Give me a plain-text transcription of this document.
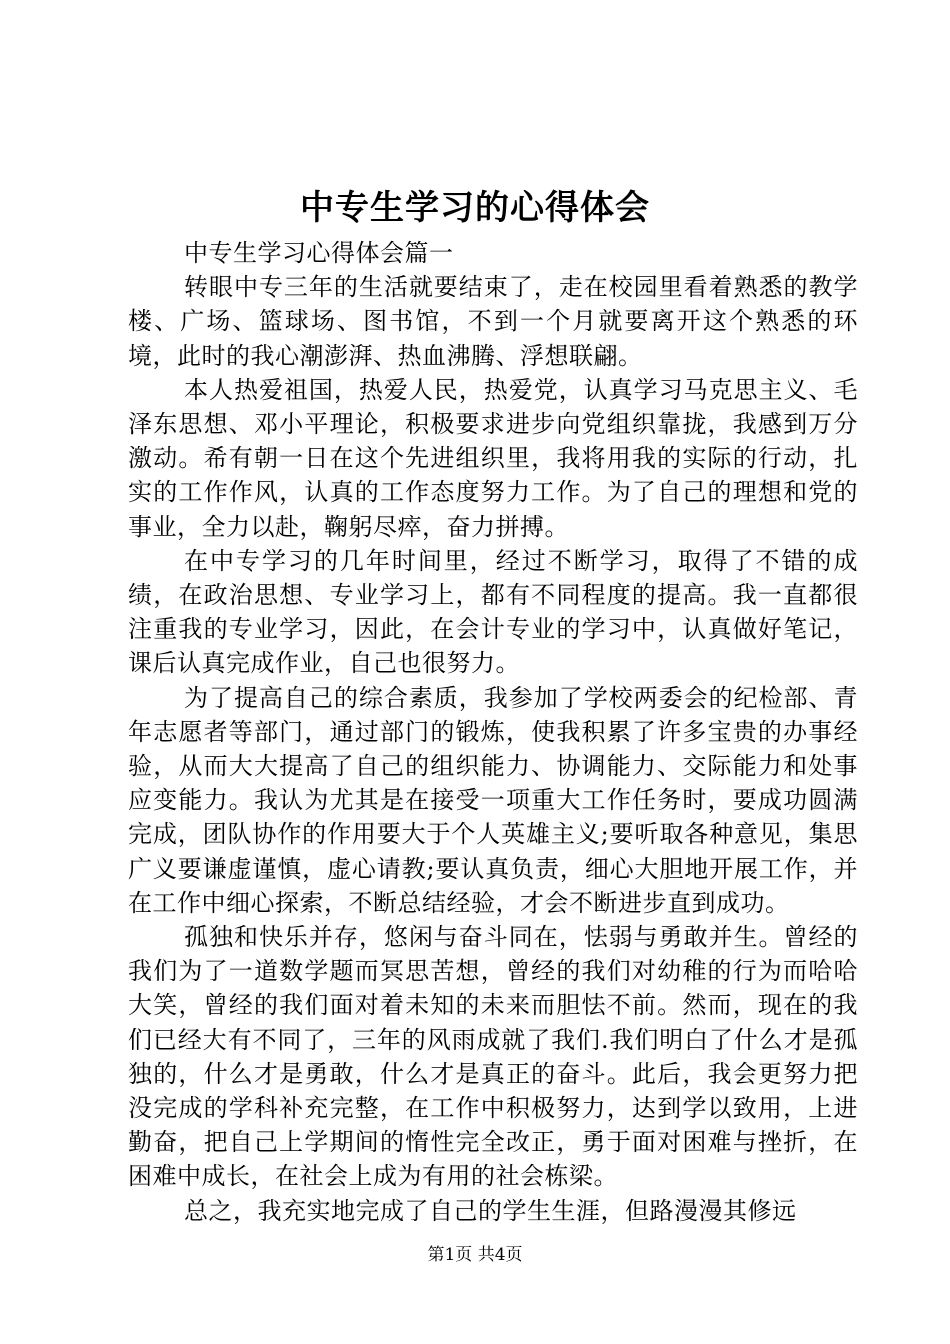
中专生学习的心得体会

中专生学习心得体会篇一

转眼中专三年的生活就要结束了，走在校园里看着熟悉的教学楼、广场、篮球场、图书馆，不到一个月就要离开这个熟悉的环境，此时的我心潮澎湃、热血沸腾、浮想联翩。

本人热爱祖国，热爱人民，热爱党，认真学习马克思主义、毛泽东思想、邓小平理论，积极要求进步向党组织靠拢，我感到万分激动。希有朝一日在这个先进组织里，我将用我的实际的行动，扎实的工作作风，认真的工作态度努力工作。为了自己的理想和党的事业，全力以赴，鞠躬尽瘁，奋力拼搏。

在中专学习的几年时间里，经过不断学习，取得了不错的成绩，在政治思想、专业学习上，都有不同程度的提高。我一直都很注重我的专业学习，因此，在会计专业的学习中，认真做好笔记，课后认真完成作业，自己也很努力。

为了提高自己的综合素质，我参加了学校两委会的纪检部、青年志愿者等部门，通过部门的锻炼，使我积累了许多宝贵的办事经验，从而大大提高了自己的组织能力、协调能力、交际能力和处事应变能力。我认为尤其是在接受一项重大工作任务时，要成功圆满完成，团队协作的作用要大于个人英雄主义;要听取各种意见，集思广义要谦虚谨慎，虚心请教;要认真负责，细心大胆地开展工作，并在工作中细心探索，不断总结经验，才会不断进步直到成功。

孤独和快乐并存，悠闲与奋斗同在，怯弱与勇敢并生。曾经的我们为了一道数学题而冥思苦想，曾经的我们对幼稚的行为而哈哈大笑，曾经的我们面对着未知的未来而胆怯不前。然而，现在的我们已经大有不同了，三年的风雨成就了我们.我们明白了什么才是孤独的，什么才是勇敢，什么才是真正的奋斗。此后，我会更努力把没完成的学科补充完整，在工作中积极努力，达到学以致用，上进勤奋，把自己上学期间的惰性完全改正，勇于面对困难与挫折，在困难中成长，在社会上成为有用的社会栋梁。

总之，我充实地完成了自己的学生生涯，但路漫漫其修远

第1页 共4页
